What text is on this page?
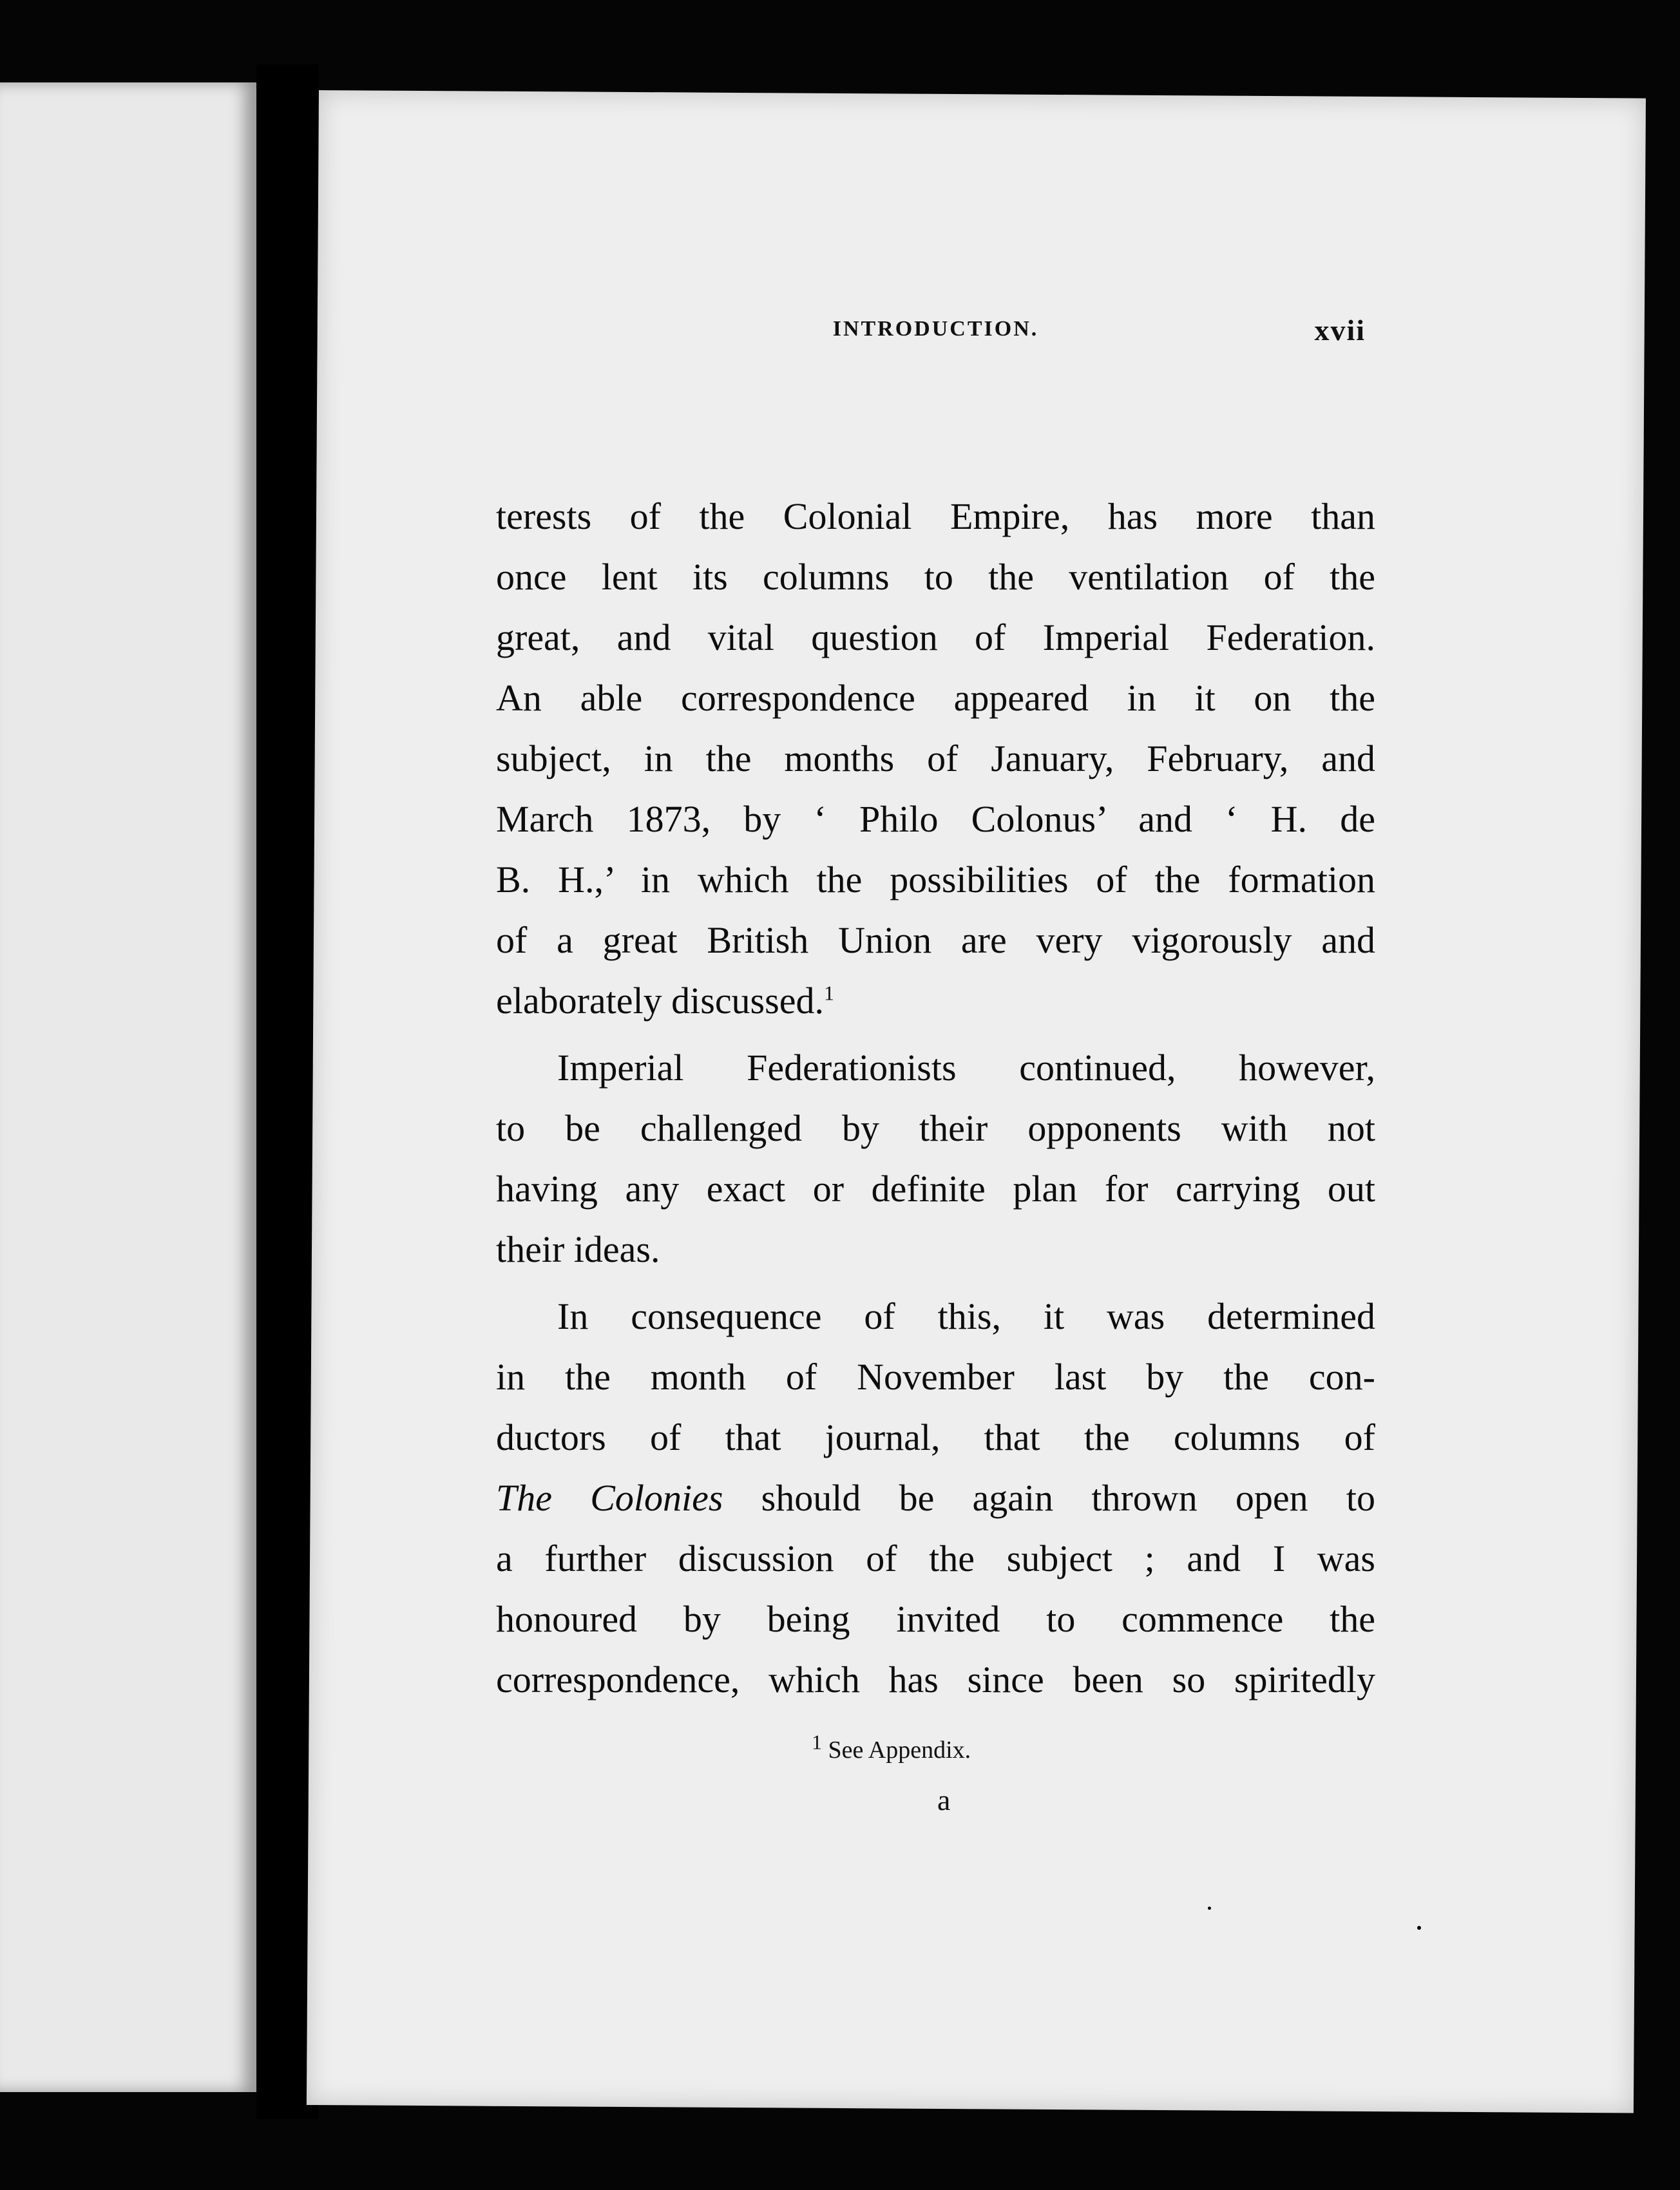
INTRODUCTION.	xvii
terests of the Colonial Empire, has more than
once lent its columns to the ventilation of the
great, and vital question of Imperial Federation.
An able correspondence appeared in it on the
subject, in the months of January, February, and
March 1873, by ‘ Philo Colonus’ and ‘ H. de
B. H.,’ in which the possibilities of the formation
of a great British Union are very vigorously and
elaborately discussed.$^1$
Imperial Federationists continued, however,
to be challenged by their opponents with not
having any exact or definite plan for carrying out
their ideas.
In consequence of this, it was determined
in the month of November last by the con-
ductors of that journal, that the columns of
The Colonies should be again thrown open to
a further discussion of the subject ; and I was
honoured by being invited to commence the
correspondence, which has since been so spiritedly
$^1$ See Appendix.
a
